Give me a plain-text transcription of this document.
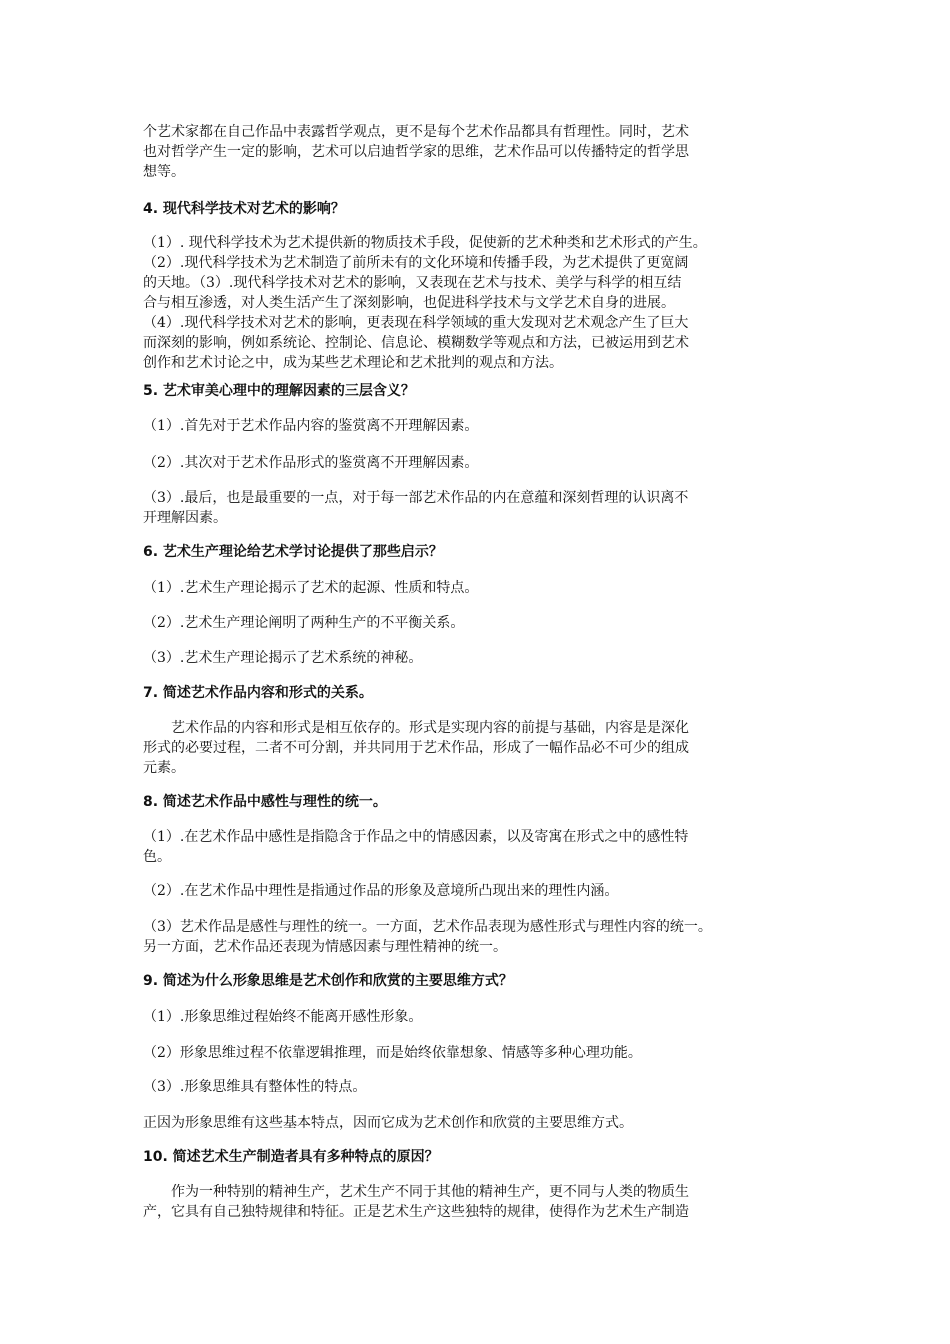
个艺术家都在自己作品中表露哲学观点，更不是每个艺术作品都具有哲理性。同时，艺术

也对哲学产生一定的影响，艺术可以启迪哲学家的思维，艺术作品可以传播特定的哲学思

想等。

4. 现代科学技术对艺术的影响？

（1）. 现代科学技术为艺术提供新的物质技术手段，促使新的艺术种类和艺术形式的产生。

（2）.现代科学技术为艺术制造了前所未有的文化环境和传播手段，为艺术提供了更宽阔

的天地。（3）.现代科学技术对艺术的影响，又表现在艺术与技术、美学与科学的相互结

合与相互渗透，对人类生活产生了深刻影响，也促进科学技术与文学艺术自身的进展。

（4）.现代科学技术对艺术的影响，更表现在科学领域的重大发现对艺术观念产生了巨大

而深刻的影响，例如系统论、控制论、信息论、模糊数学等观点和方法，已被运用到艺术

创作和艺术讨论之中，成为某些艺术理论和艺术批判的观点和方法。

5. 艺术审美心理中的理解因素的三层含义？
（1）.首先对于艺术作品内容的鉴赏离不开理解因素。
（2）.其次对于艺术作品形式的鉴赏离不开理解因素。

（3）.最后，也是最重要的一点，对于每一部艺术作品的内在意蕴和深刻哲理的认识离不

开理解因素。

6. 艺术生产理论给艺术学讨论提供了那些启示？
（1）.艺术生产理论揭示了艺术的起源、性质和特点。
（2）.艺术生产理论阐明了两种生产的不平衡关系。
（3）.艺术生产理论揭示了艺术系统的神秘。
7. 简述艺术作品内容和形式的关系。

艺术作品的内容和形式是相互依存的。形式是实现内容的前提与基础，内容是是深化

形式的必要过程，二者不可分割，并共同用于艺术作品，形成了一幅作品必不可少的组成

元素。

8. 简述艺术作品中感性与理性的统一。

（1）.在艺术作品中感性是指隐含于作品之中的情感因素，以及寄寓在形式之中的感性特

色。

（2）.在艺术作品中理性是指通过作品的形象及意境所凸现出来的理性内涵。

（3）艺术作品是感性与理性的统一。一方面，艺术作品表现为感性形式与理性内容的统一。

另一方面，艺术作品还表现为情感因素与理性精神的统一。

9. 简述为什么形象思维是艺术创作和欣赏的主要思维方式？
（1）.形象思维过程始终不能离开感性形象。
（2）形象思维过程不依靠逻辑推理，而是始终依靠想象、情感等多种心理功能。
（3）.形象思维具有整体性的特点。
正因为形象思维有这些基本特点，因而它成为艺术创作和欣赏的主要思维方式。
10. 简述艺术生产制造者具有多种特点的原因？

作为一种特别的精神生产，艺术生产不同于其他的精神生产，更不同与人类的物质生

产，它具有自己独特规律和特征。正是艺术生产这些独特的规律，使得作为艺术生产制造
